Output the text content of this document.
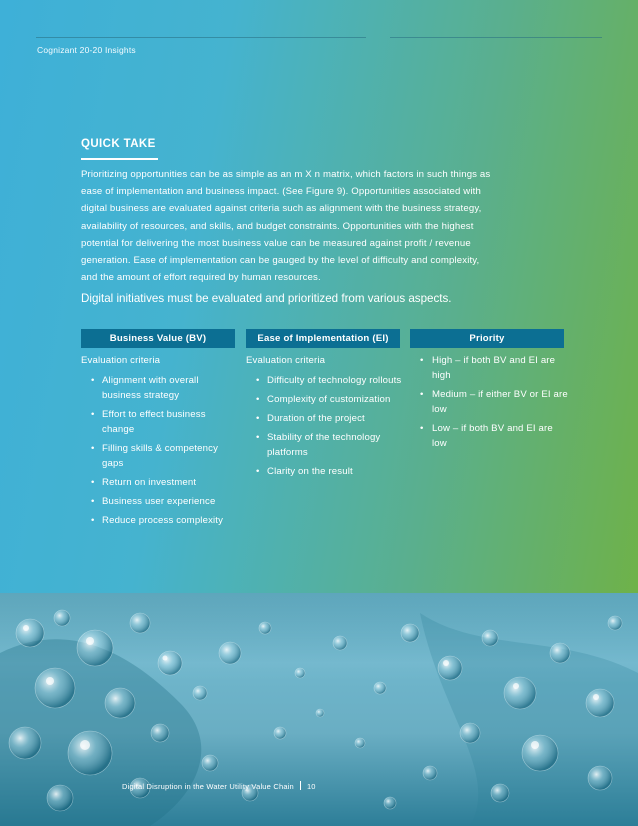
Cognizant 20-20 Insights
QUICK TAKE

Prioritizing opportunities can be as simple as an m X n matrix, which factors in such things as
ease of implementation and business impact. (See Figure 9). Opportunities associated with
digital business are evaluated against criteria such as alignment with the business strategy,
availability of resources, and skills, and budget constraints. Opportunities with the highest
potential for delivering the most business value can be measured against profit / revenue
generation. Ease of implementation can be gauged by the level of difficulty and complexity,
and the amount of effort required by human resources.

Digital initiatives must be evaluated and prioritized from various aspects.

Business Value (BV)	Ease of Implementation (EI)	Priority

Evaluation criteria

• Alignment with overall business strategy
• Effort to effect business change
• Filling skills & competency gaps
• Return on investment
• Business user experience
• Reduce process complexity

Evaluation criteria

• Difficulty of technology rollouts
• Complexity of customization
• Duration of the project
• Stability of the technology platforms
• Clarity on the result
• High – if both BV and EI are high
• Medium – if either BV or EI are low
• Low – if both BV and EI are low
Digital Disruption in the Water Utility Value Chain 10
